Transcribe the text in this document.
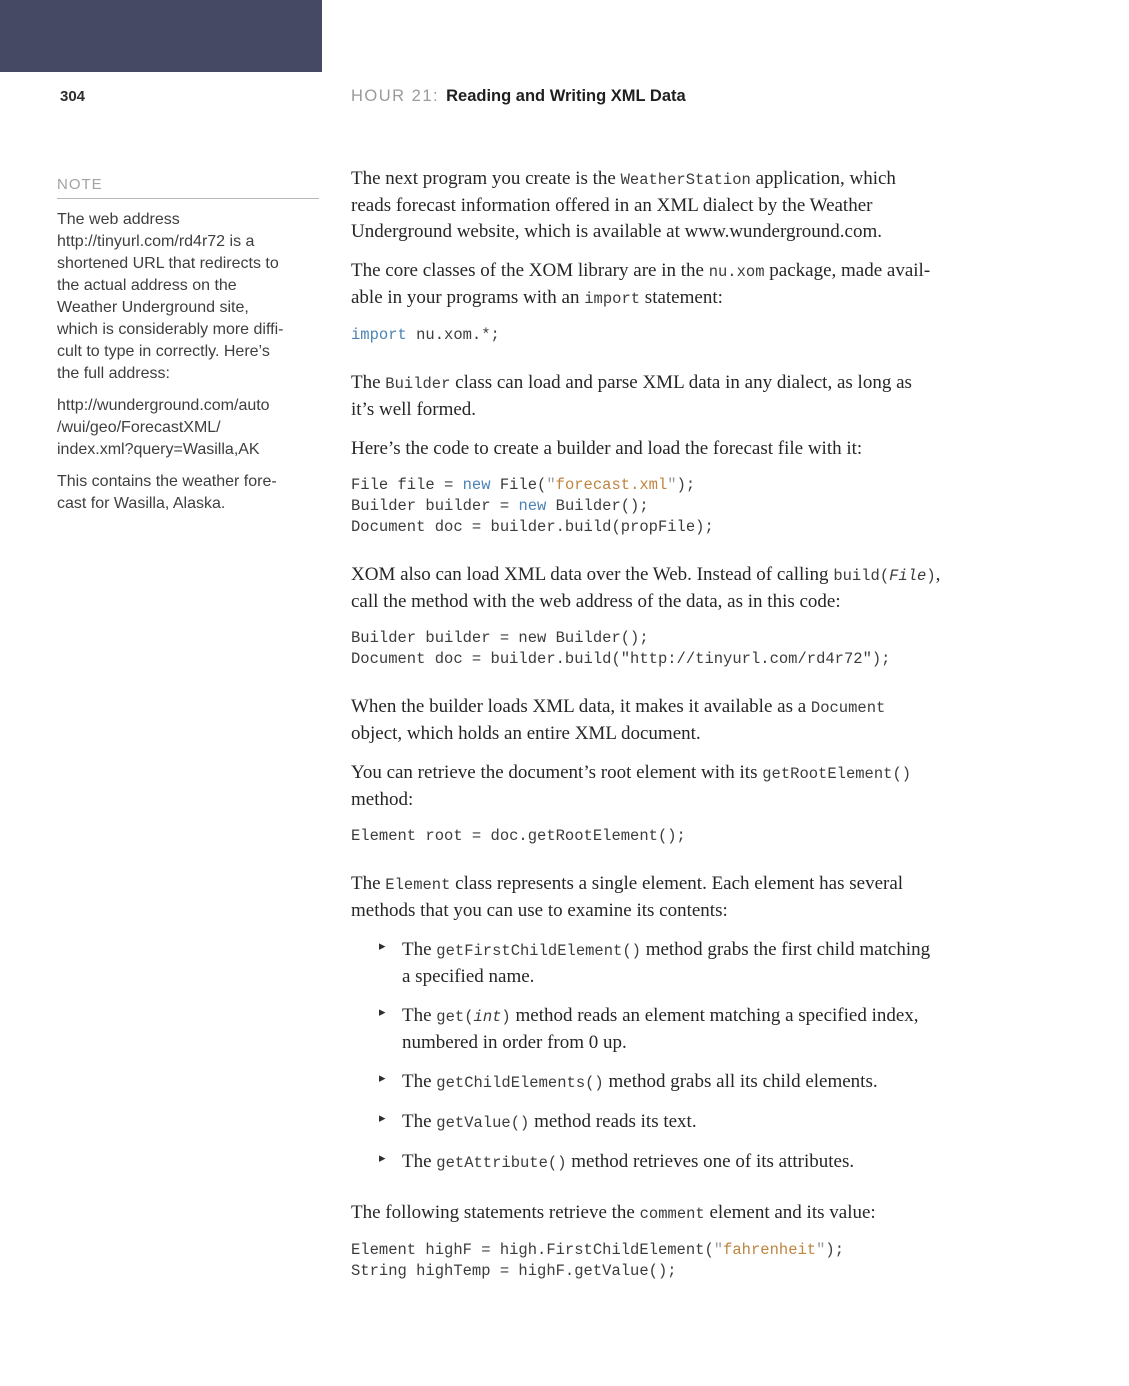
304	HOUR 21: Reading and Writing XML Data
NOTE
The web address
http://tinyurl.com/rd4r72 is a
shortened URL that redirects to
the actual address on the
Weather Underground site,
which is considerably more diffi-
cult to type in correctly. Here’s
the full address:
http://wunderground.com/auto
/wui/geo/ForecastXML/
index.xml?query=Wasilla,AK
This contains the weather fore-
cast for Wasilla, Alaska.
The next program you create is the WeatherStation application, which
reads forecast information offered in an XML dialect by the Weather
Underground website, which is available at www.wunderground.com.
The core classes of the XOM library are in the nu.xom package, made avail-
able in your programs with an import statement:
import nu.xom.*;
The Builder class can load and parse XML data in any dialect, as long as
it’s well formed.
Here’s the code to create a builder and load the forecast file with it:
File file = new File("forecast.xml");
Builder builder = new Builder();
Document doc = builder.build(propFile);
XOM also can load XML data over the Web. Instead of calling build(File),
call the method with the web address of the data, as in this code:
Builder builder = new Builder();
Document doc = builder.build("http://tinyurl.com/rd4r72");
When the builder loads XML data, it makes it available as a Document
object, which holds an entire XML document.
You can retrieve the document’s root element with its getRootElement()
method:
Element root = doc.getRootElement();
The Element class represents a single element. Each element has several
methods that you can use to examine its contents:
▸ The getFirstChildElement() method grabs the first child matching
a specified name.
▸ The get(int) method reads an element matching a specified index,
numbered in order from 0 up.
▸ The getChildElements() method grabs all its child elements.
▸ The getValue() method reads its text.
▸ The getAttribute() method retrieves one of its attributes.
The following statements retrieve the comment element and its value:
Element highF = high.FirstChildElement("fahrenheit");
String highTemp = highF.getValue();
